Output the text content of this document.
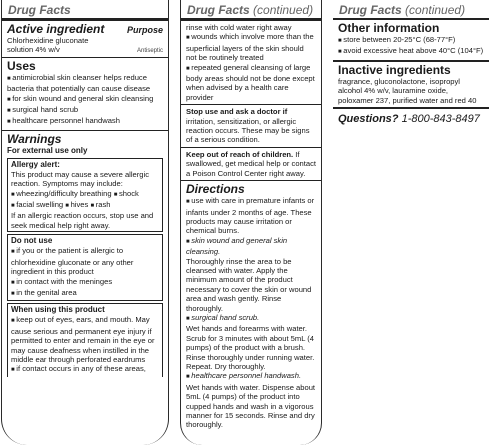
Drug Facts
Active ingredient	Purpose

Chlorhexidine gluconate

solution 4% w/v	Antiseptic
Uses

■ antimicrobial skin cleanser helps reduce bacteria that potentially can cause disease

■ for skin wound and general skin cleansing

■ surgical hand scrub

■ healthcare personnel handwash

Warnings
For external use only
Allergy alert:

This product may cause a severe allergic reaction. Symptoms may include:

■ wheezing/difficulty breathing ■ shock
■ facial swelling ■ hives ■ rash

If an allergic reaction occurs, stop use and seek medical help right away.

Do not use

■ if you or the patient is allergic to chlorhexidine gluconate or any other ingredient in this product

■ in contact with the meninges

■ in the genital area

When using this product

■ keep out of eyes, ears, and mouth. May cause serious and permanent eye injury if permitted to enter and remain in the eye or may cause deafness when instilled in the middle ear through perforated eardrums

■ if contact occurs in any of these areas,

Drug Facts (continued)

rinse with cold water right away

■ wounds which involve more than the superficial layers of the skin should not be routinely treated

■ repeated general cleansing of large body areas should not be done except when advised by a health care provider

Stop use and ask a doctor if irritation, sensitization, or allergic reaction occurs. These may be signs of a serious condition.

Keep out of reach of children. If swallowed, get medical help or contact a Poison Control Center right away.

Directions

■ use with care in premature infants or infants under 2 months of age. These products may cause irritation or chemical burns.

■ skin wound and general skin cleansing.

Thoroughly rinse the area to be cleansed with water. Apply the minimum amount of the product necessary to cover the skin or wound area and wash gently. Rinse thoroughly.

■ surgical hand scrub.

Wet hands and forearms with water. Scrub for 3 minutes with about 5mL (4 pumps) of the product with a brush. Rinse thoroughly under running water. Repeat. Dry thoroughly.

■ healthcare personnel handwash.

Wet hands with water. Dispense about 5mL (4 pumps) of the product into cupped hands and wash in a vigorous manner for 15 seconds. Rinse and dry thoroughly.

Drug Facts (continued)
Other information

■ store between 20-25°C (68-77°F)

■ avoid excessive heat above 40°C (104°F)

Inactive ingredients

fragrance, gluconolactone, isopropyl alcohol 4% w/v, lauramine oxide, poloxamer 237, purified water and red 40

Questions? 1-800-843-8497
